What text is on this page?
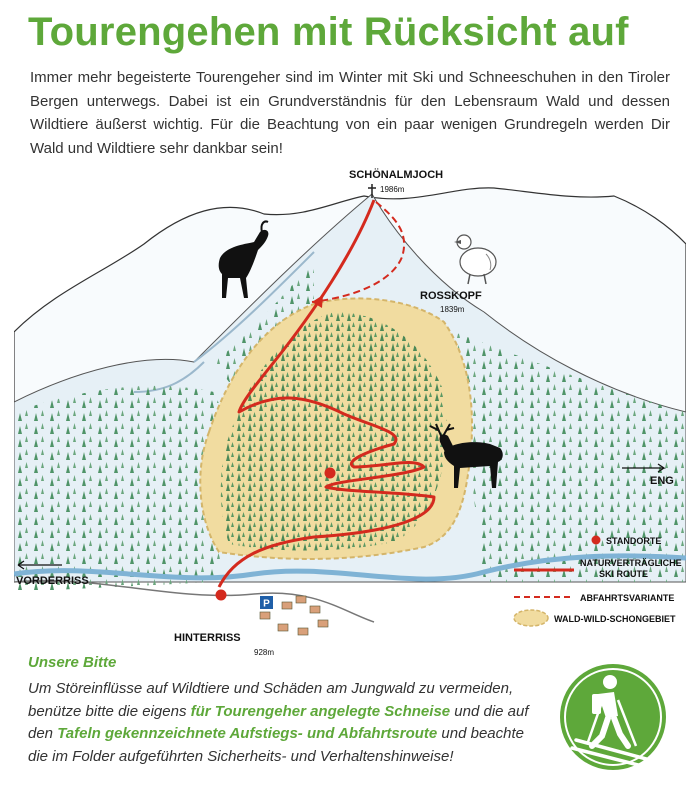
Tourengehen mit Rücksicht auf

Immer mehr begeisterte Tourengeher sind im Winter mit Ski und Schneeschuhen in den Tiroler Bergen unterwegs. Dabei ist ein Grundverständnis für den Lebensraum Wald und dessen Wildtiere äußerst wichtig. Für die Beachtung von ein paar wenigen Grundregeln werden Dir Wald und Wildtiere sehr dankbar sein!

P
SCHÖNALMJOCH
1986m
ROSSKOPF
1839m
ENG
VORDERRISS
HINTERRISS
928m
STANDORTE
NATURVERTRÄGLICHE
SKI ROUTE
ABFAHRTSVARIANTE
WALD-WILD-SCHONGEBIET

Unsere Bitte

Um Störeinflüsse auf Wildtiere und Schäden am Jungwald zu vermeiden, benütze bitte die eigens für Tourengeher angelegte Schneise und die auf den Tafeln gekennzeichnete Aufstiegs- und Abfahrtsroute und beachte die im Folder aufgeführten Sicherheits- und Verhaltenshinweise!
